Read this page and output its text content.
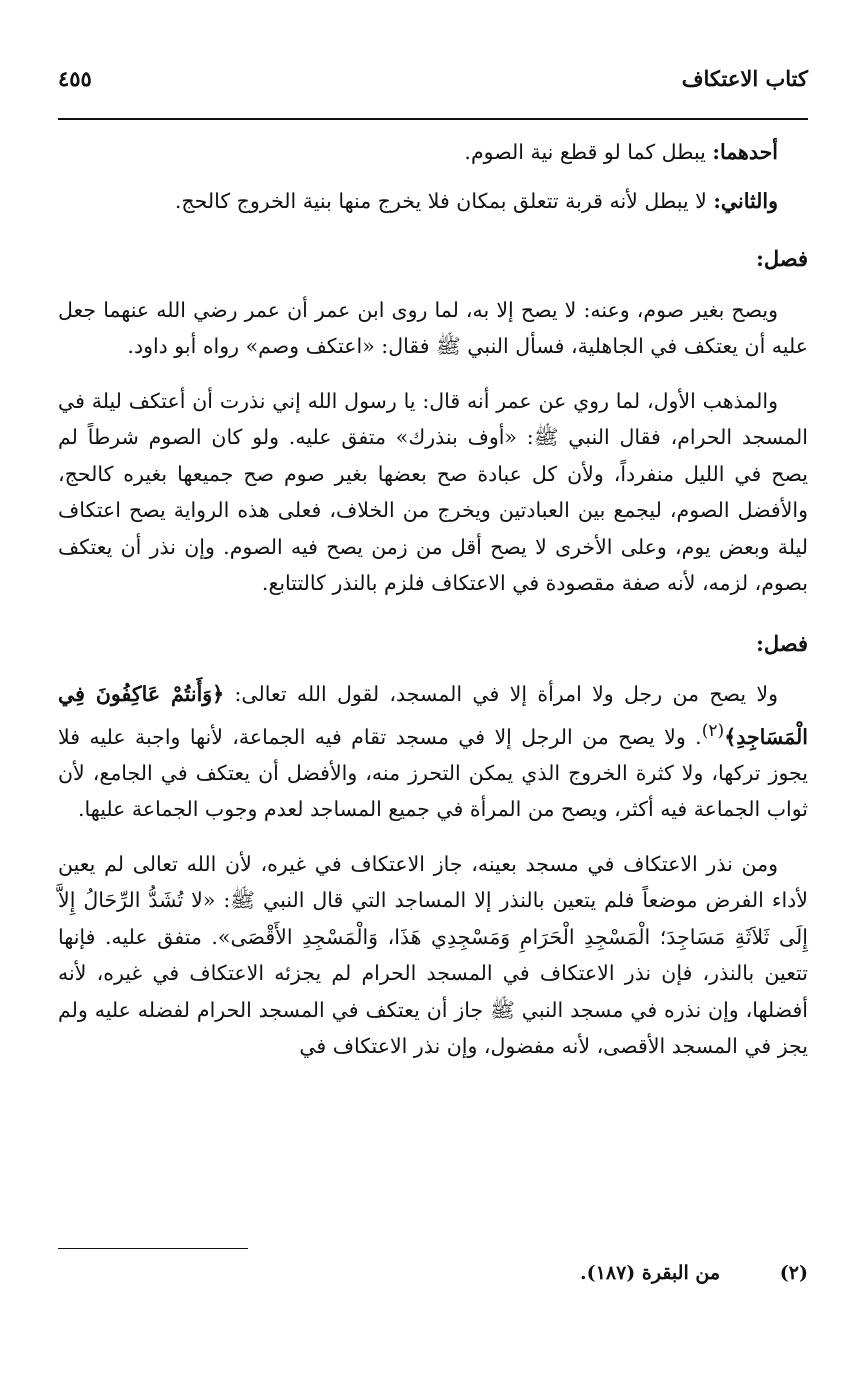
كتاب الاعتكاف
٤٥٥

أحدهما: يبطل كما لو قطع نية الصوم.

والثاني: لا يبطل لأنه قربة تتعلق بمكان فلا يخرج منها بنية الخروج كالحج.

فصل:

ويصح بغير صوم، وعنه: لا يصح إلا به، لما روى ابن عمر أن عمر رضي الله عنهما جعل عليه أن يعتكف في الجاهلية، فسأل النبي ﷺ فقال: «اعتكف وصم» رواه أبو داود.

والمذهب الأول، لما روي عن عمر أنه قال: يا رسول الله إني نذرت أن أعتكف ليلة في المسجد الحرام، فقال النبي ﷺ: «أوف بنذرك» متفق عليه. ولو كان الصوم شرطاً لم يصح في الليل منفرداً، ولأن كل عبادة صح بعضها بغير صوم صح جميعها بغيره كالحج، والأفضل الصوم، ليجمع بين العبادتين ويخرج من الخلاف، فعلى هذه الرواية يصح اعتكاف ليلة وبعض يوم، وعلى الأخرى لا يصح أقل من زمن يصح فيه الصوم. وإن نذر أن يعتكف بصوم، لزمه، لأنه صفة مقصودة في الاعتكاف فلزم بالنذر كالتتابع.

فصل:

ولا يصح من رجل ولا امرأة إلا في المسجد، لقول الله تعالى: ﴿وَأَنتُمْ عَاكِفُونَ فِي الْمَسَاجِدِ﴾$^{(٢)}$. ولا يصح من الرجل إلا في مسجد تقام فيه الجماعة، لأنها واجبة عليه فلا يجوز تركها، ولا كثرة الخروج الذي يمكن التحرز منه، والأفضل أن يعتكف في الجامع، لأن ثواب الجماعة فيه أكثر، ويصح من المرأة في جميع المساجد لعدم وجوب الجماعة عليها.

ومن نذر الاعتكاف في مسجد بعينه، جاز الاعتكاف في غيره، لأن الله تعالى لم يعين لأداء الفرض موضعاً فلم يتعين بالنذر إلا المساجد التي قال النبي ﷺ: «لا تُشَدُّ الرِّحَالُ إِلاَّ إِلَى ثَلاَثَةِ مَسَاجِدَ؛ الْمَسْجِدِ الْحَرَامِ وَمَسْجِدِي هَذَا، وَالْمَسْجِدِ الأَقْصَى». متفق عليه. فإنها تتعين بالنذر، فإن نذر الاعتكاف في المسجد الحرام لم يجزئه الاعتكاف في غيره، لأنه أفضلها، وإن نذره في مسجد النبي ﷺ جاز أن يعتكف في المسجد الحرام لفضله عليه ولم يجز في المسجد الأقصى، لأنه مفضول، وإن نذر الاعتكاف في

(٢)من البقرة (١٨٧).
